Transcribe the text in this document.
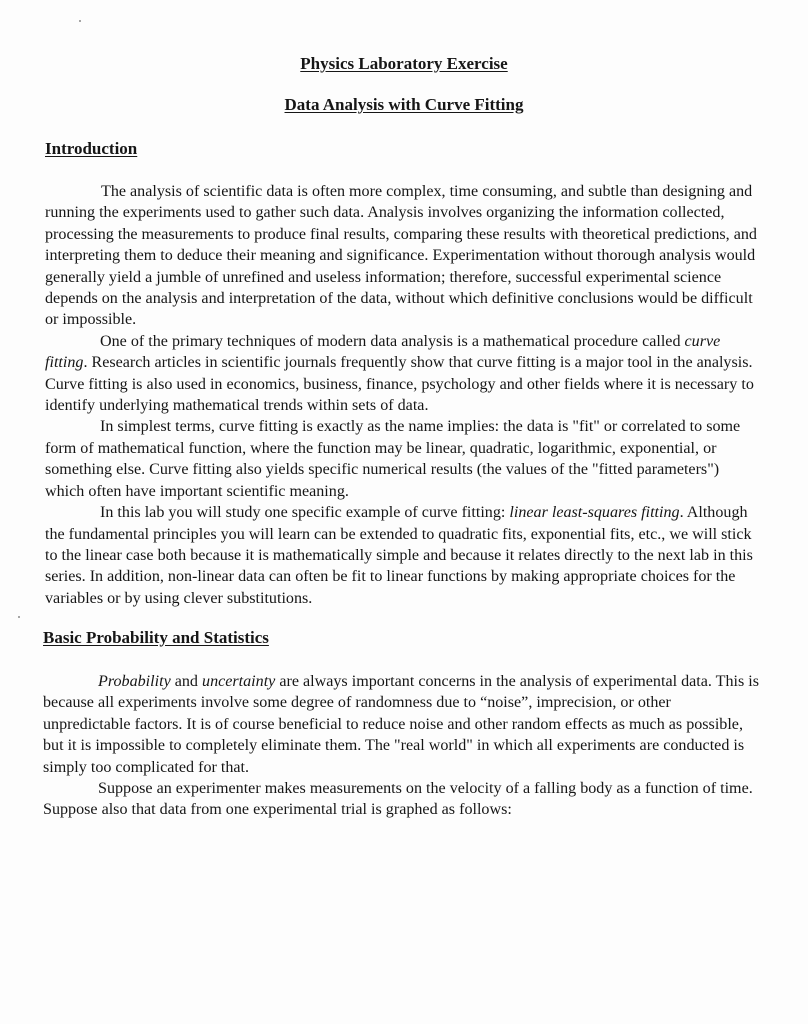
Physics Laboratory Exercise
Data Analysis with Curve Fitting
Introduction

The analysis of scientific data is often more complex, time consuming, and subtle than designing and running the experiments used to gather such data. Analysis involves organizing the information collected, processing the measurements to produce final results, comparing these results with theoretical predictions, and interpreting them to deduce their meaning and significance. Experimentation without thorough analysis would generally yield a jumble of unrefined and useless information; therefore, successful experimental science depends on the analysis and interpretation of the data, without which definitive conclusions would be difficult or impossible.

One of the primary techniques of modern data analysis is a mathematical procedure called curve fitting. Research articles in scientific journals frequently show that curve fitting is a major tool in the analysis. Curve fitting is also used in economics, business, finance, psychology and other fields where it is necessary to identify underlying mathematical trends within sets of data.

In simplest terms, curve fitting is exactly as the name implies: the data is "fit" or correlated to some form of mathematical function, where the function may be linear, quadratic, logarithmic, exponential, or something else. Curve fitting also yields specific numerical results (the values of the "fitted parameters") which often have important scientific meaning.

In this lab you will study one specific example of curve fitting: linear least-squares fitting. Although the fundamental principles you will learn can be extended to quadratic fits, exponential fits, etc., we will stick to the linear case both because it is mathematically simple and because it relates directly to the next lab in this series. In addition, non-linear data can often be fit to linear functions by making appropriate choices for the variables or by using clever substitutions.

Basic Probability and Statistics

Probability and uncertainty are always important concerns in the analysis of experimental data. This is because all experiments involve some degree of randomness due to “noise”, imprecision, or other unpredictable factors. It is of course beneficial to reduce noise and other random effects as much as possible, but it is impossible to completely eliminate them. The "real world" in which all experiments are conducted is simply too complicated for that.

Suppose an experimenter makes measurements on the velocity of a falling body as a function of time. Suppose also that data from one experimental trial is graphed as follows:
